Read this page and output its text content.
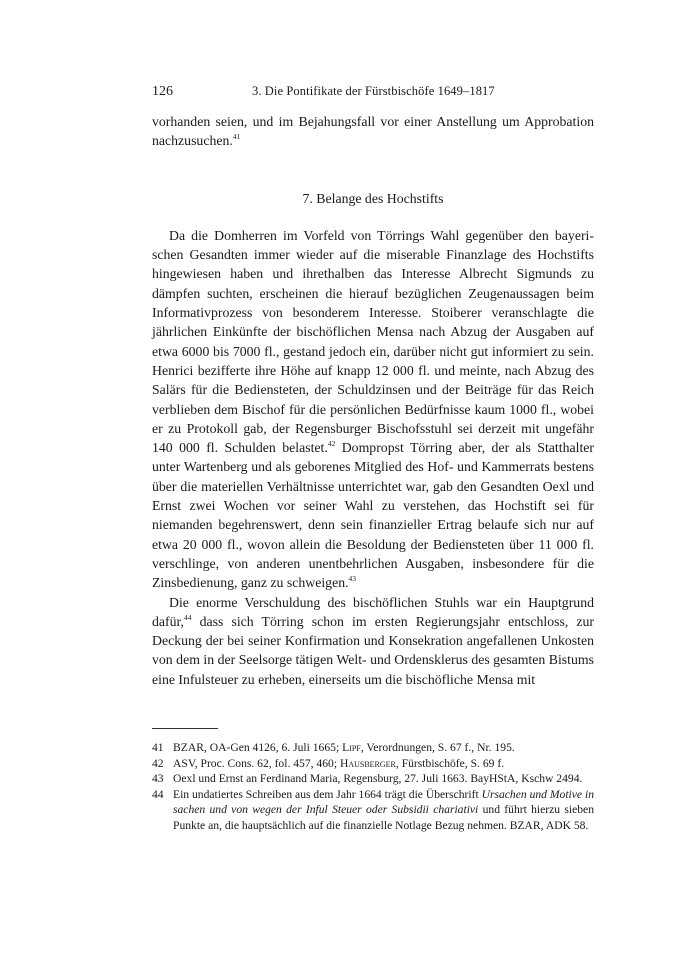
126	3. Die Pontifikate der Fürstbischöfe 1649–1817

vorhanden seien, und im Bejahungsfall vor einer Anstellung um Approbation nachzusuchen.$^{41}$

7. Belange des Hochstifts

Da die Domherren im Vorfeld von Törrings Wahl gegenüber den bayerischen Gesandten immer wieder auf die miserable Finanzlage des Hochstifts hingewiesen haben und ihrethalben das Interesse Albrecht Sigmunds zu dämpfen suchten, erscheinen die hierauf bezüglichen Zeugenaussagen beim Informativprozess von besonderem Interesse. Stoiberer veranschlagte die jährlichen Einkünfte der bischöflichen Mensa nach Abzug der Ausgaben auf etwa 6000 bis 7000 fl., gestand jedoch ein, darüber nicht gut informiert zu sein. Henrici bezifferte ihre Höhe auf knapp 12 000 fl. und meinte, nach Abzug des Salärs für die Bediensteten, der Schuldzinsen und der Beiträge für das Reich verblieben dem Bischof für die persönlichen Bedürfnisse kaum 1000 fl., wobei er zu Protokoll gab, der Regensburger Bischofsstuhl sei derzeit mit ungefähr 140 000 fl. Schulden belastet.$^{42}$ Dompropst Törring aber, der als Statthalter unter Wartenberg und als geborenes Mitglied des Hof- und Kammerrats bestens über die materiellen Verhältnisse unterrichtet war, gab den Gesandten Oexl und Ernst zwei Wochen vor seiner Wahl zu verstehen, das Hochstift sei für niemanden begehrenswert, denn sein finanzieller Ertrag belaufe sich nur auf etwa 20 000 fl., wovon allein die Besoldung der Bediensteten über 11 000 fl. verschlinge, von anderen unentbehrlichen Ausgaben, insbesondere für die Zinsbedienung, ganz zu schweigen.$^{43}$

Die enorme Verschuldung des bischöflichen Stuhls war ein Hauptgrund dafür,$^{44}$ dass sich Törring schon im ersten Regierungsjahr entschloss, zur Deckung der bei seiner Konfirmation und Konsekration angefallenen Unkosten von dem in der Seelsorge tätigen Welt- und Ordensklerus des gesamten Bistums eine Infulsteuer zu erheben, einerseits um die bischöfliche Mensa mit

41 BZAR, OA-Gen 4126, 6. Juli 1665; Lipf, Verordnungen, S. 67 f., Nr. 195.
42 ASV, Proc. Cons. 62, fol. 457, 460; Hausberger, Fürstbischöfe, S. 69 f.
43 Oexl und Ernst an Ferdinand Maria, Regensburg, 27. Juli 1663. BayHStA, Kschw 2494.
44 Ein undatiertes Schreiben aus dem Jahr 1664 trägt die Überschrift Ursachen und Motive in sachen und von wegen der Inful Steuer oder Subsidii chariativi und führt hierzu sieben Punkte an, die hauptsächlich auf die finanzielle Notlage Bezug nehmen. BZAR, ADK 58.
